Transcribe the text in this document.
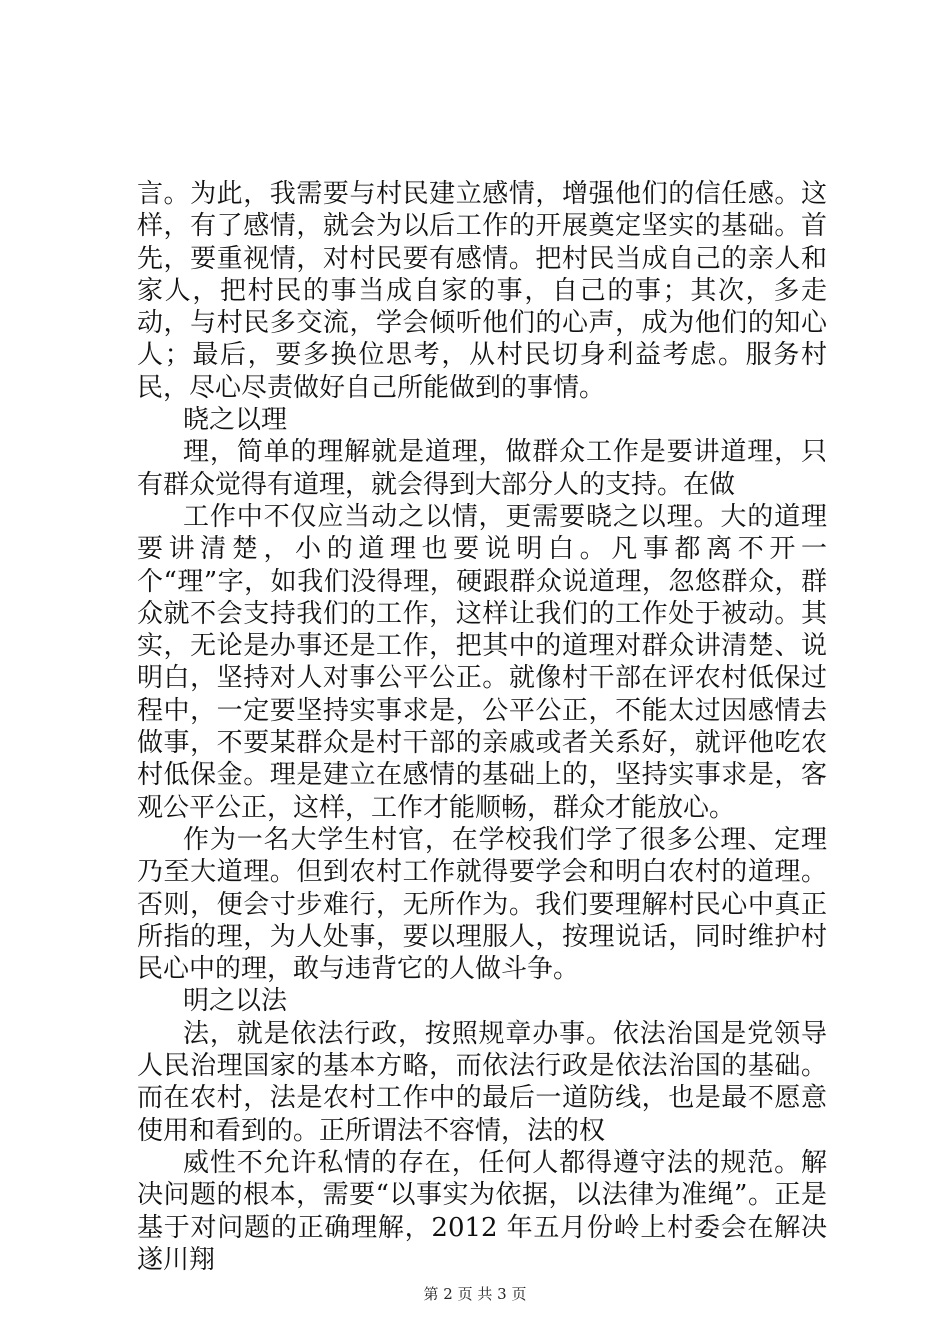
言。为此，我需要与村民建立感情，增强他们的信任感。这样，有了感情，就会为以后工作的开展奠定坚实的基础。首先，要重视情，对村民要有感情。把村民当成自己的亲人和家人，把村民的事当成自家的事，自己的事；其次，多走动，与村民多交流，学会倾听他们的心声，成为他们的知心人；最后，要多换位思考，从村民切身利益考虑。服务村民，尽心尽责做好自己所能做到的事情。

晓之以理

理，简单的理解就是道理，做群众工作是要讲道理，只有群众觉得有道理，就会得到大部分人的支持。在做

工作中不仅应当动之以情，更需要晓之以理。大的道理要讲清楚，小的道理也要说明白。凡事都离不开一个“理”字，如我们没得理，硬跟群众说道理，忽悠群众，群众就不会支持我们的工作，这样让我们的工作处于被动。其实，无论是办事还是工作，把其中的道理对群众讲清楚、说明白，坚持对人对事公平公正。就像村干部在评农村低保过程中，一定要坚持实事求是，公平公正，不能太过因感情去做事，不要某群众是村干部的亲戚或者关系好，就评他吃农村低保金。理是建立在感情的基础上的，坚持实事求是，客观公平公正，这样，工作才能顺畅，群众才能放心。

作为一名大学生村官，在学校我们学了很多公理、定理乃至大道理。但到农村工作就得要学会和明白农村的道理。否则，便会寸步难行，无所作为。我们要理解村民心中真正所指的理，为人处事，要以理服人，按理说话，同时维护村民心中的理，敢与违背它的人做斗争。

明之以法

法，就是依法行政，按照规章办事。依法治国是党领导人民治理国家的基本方略，而依法行政是依法治国的基础。而在农村，法是农村工作中的最后一道防线，也是最不愿意使用和看到的。正所谓法不容情，法的权

威性不允许私情的存在，任何人都得遵守法的规范。解决问题的根本，需要“以事实为依据，以法律为准绳”。正是基于对问题的正确理解，2012 年五月份岭上村委会在解决遂川翔

第 2 页 共 3 页
